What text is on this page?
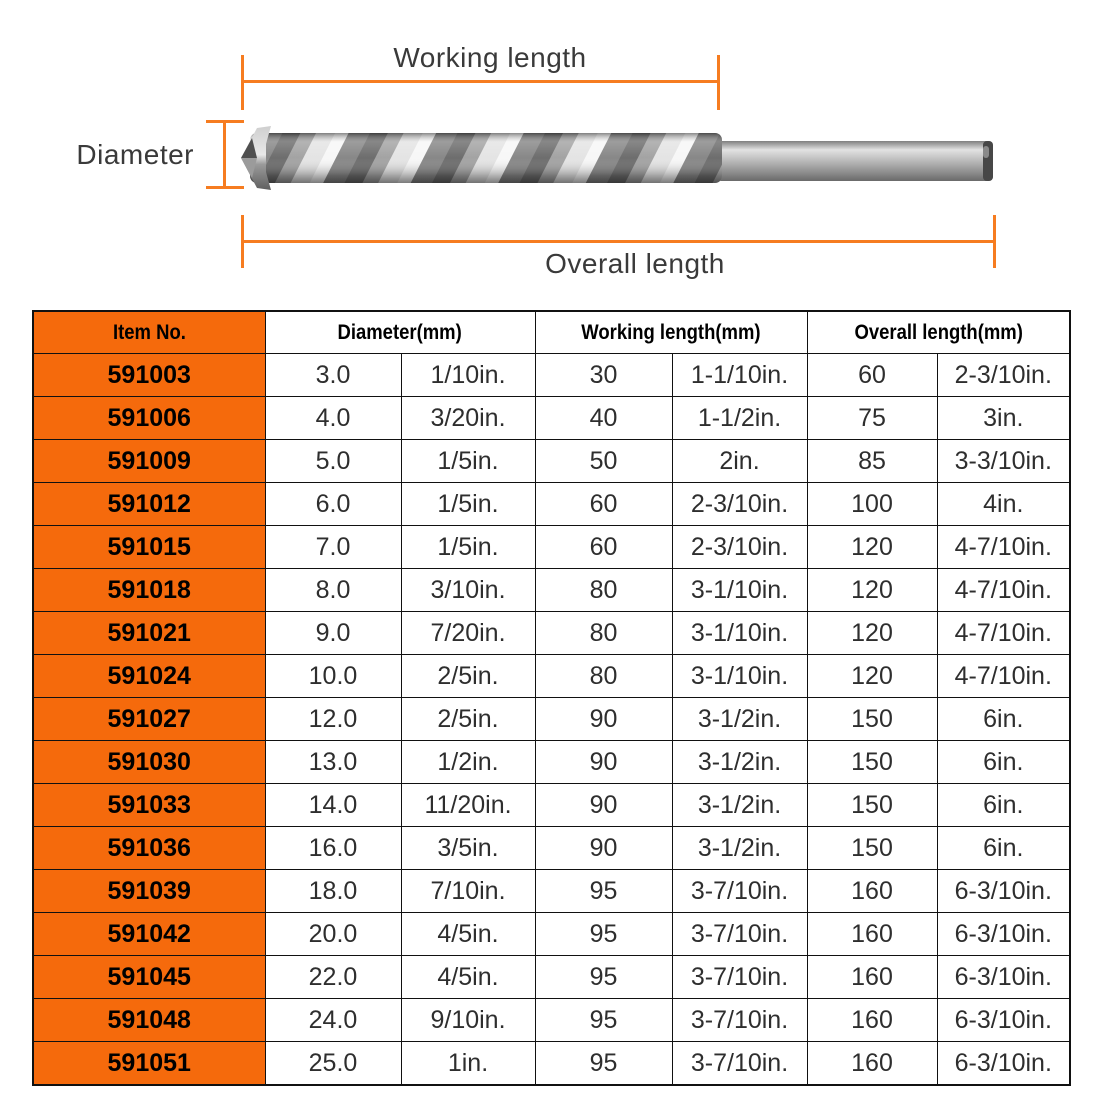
Working length
Diameter
Overall length
Item No.	Diameter(mm)		Working length(mm)		Overall length(mm)	
591003	3.0	1/10in.	30	1-1/10in.	60	2-3/10in.
591006	4.0	3/20in.	40	1-1/2in.	75	3in.
591009	5.0	1/5in.	50	2in.	85	3-3/10in.
591012	6.0	1/5in.	60	2-3/10in.	100	4in.
591015	7.0	1/5in.	60	2-3/10in.	120	4-7/10in.
591018	8.0	3/10in.	80	3-1/10in.	120	4-7/10in.
591021	9.0	7/20in.	80	3-1/10in.	120	4-7/10in.
591024	10.0	2/5in.	80	3-1/10in.	120	4-7/10in.
591027	12.0	2/5in.	90	3-1/2in.	150	6in.
591030	13.0	1/2in.	90	3-1/2in.	150	6in.
591033	14.0	11/20in.	90	3-1/2in.	150	6in.
591036	16.0	3/5in.	90	3-1/2in.	150	6in.
591039	18.0	7/10in.	95	3-7/10in.	160	6-3/10in.
591042	20.0	4/5in.	95	3-7/10in.	160	6-3/10in.
591045	22.0	4/5in.	95	3-7/10in.	160	6-3/10in.
591048	24.0	9/10in.	95	3-7/10in.	160	6-3/10in.
591051	25.0	1in.	95	3-7/10in.	160	6-3/10in.
